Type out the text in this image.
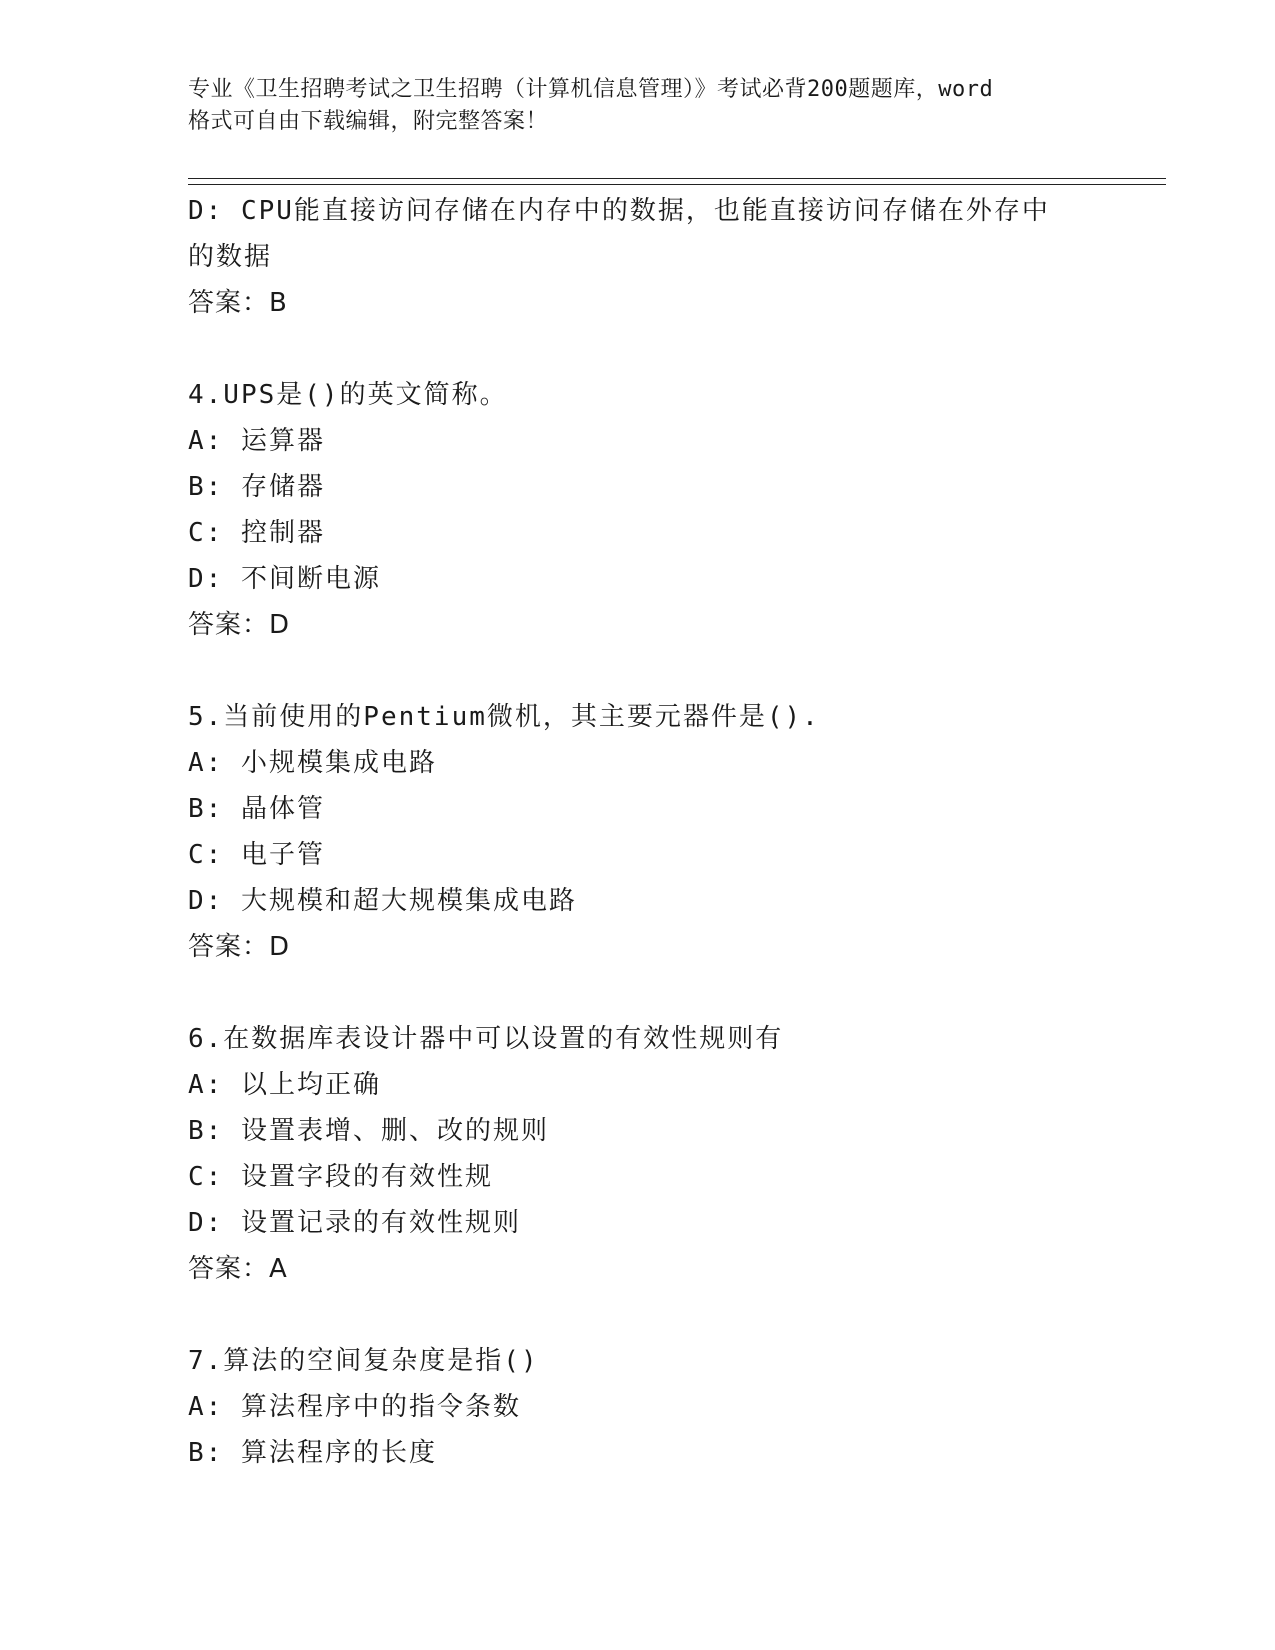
专业《卫生招聘考试之卫生招聘（计算机信息管理）》考试必背200题题库，word
格式可自由下载编辑，附完整答案！
D: CPU能直接访问存储在内存中的数据，也能直接访问存储在外存中
的数据
答案：B
4.UPS是()的英文简称。
A: 运算器
B: 存储器
C: 控制器
D: 不间断电源
答案：D
5.当前使用的Pentium微机，其主要元器件是().
A: 小规模集成电路
B: 晶体管
C: 电子管
D: 大规模和超大规模集成电路
答案：D
6.在数据库表设计器中可以设置的有效性规则有
A: 以上均正确
B: 设置表增、删、改的规则
C: 设置字段的有效性规
D: 设置记录的有效性规则
答案：A
7.算法的空间复杂度是指()
A: 算法程序中的指令条数
B: 算法程序的长度
